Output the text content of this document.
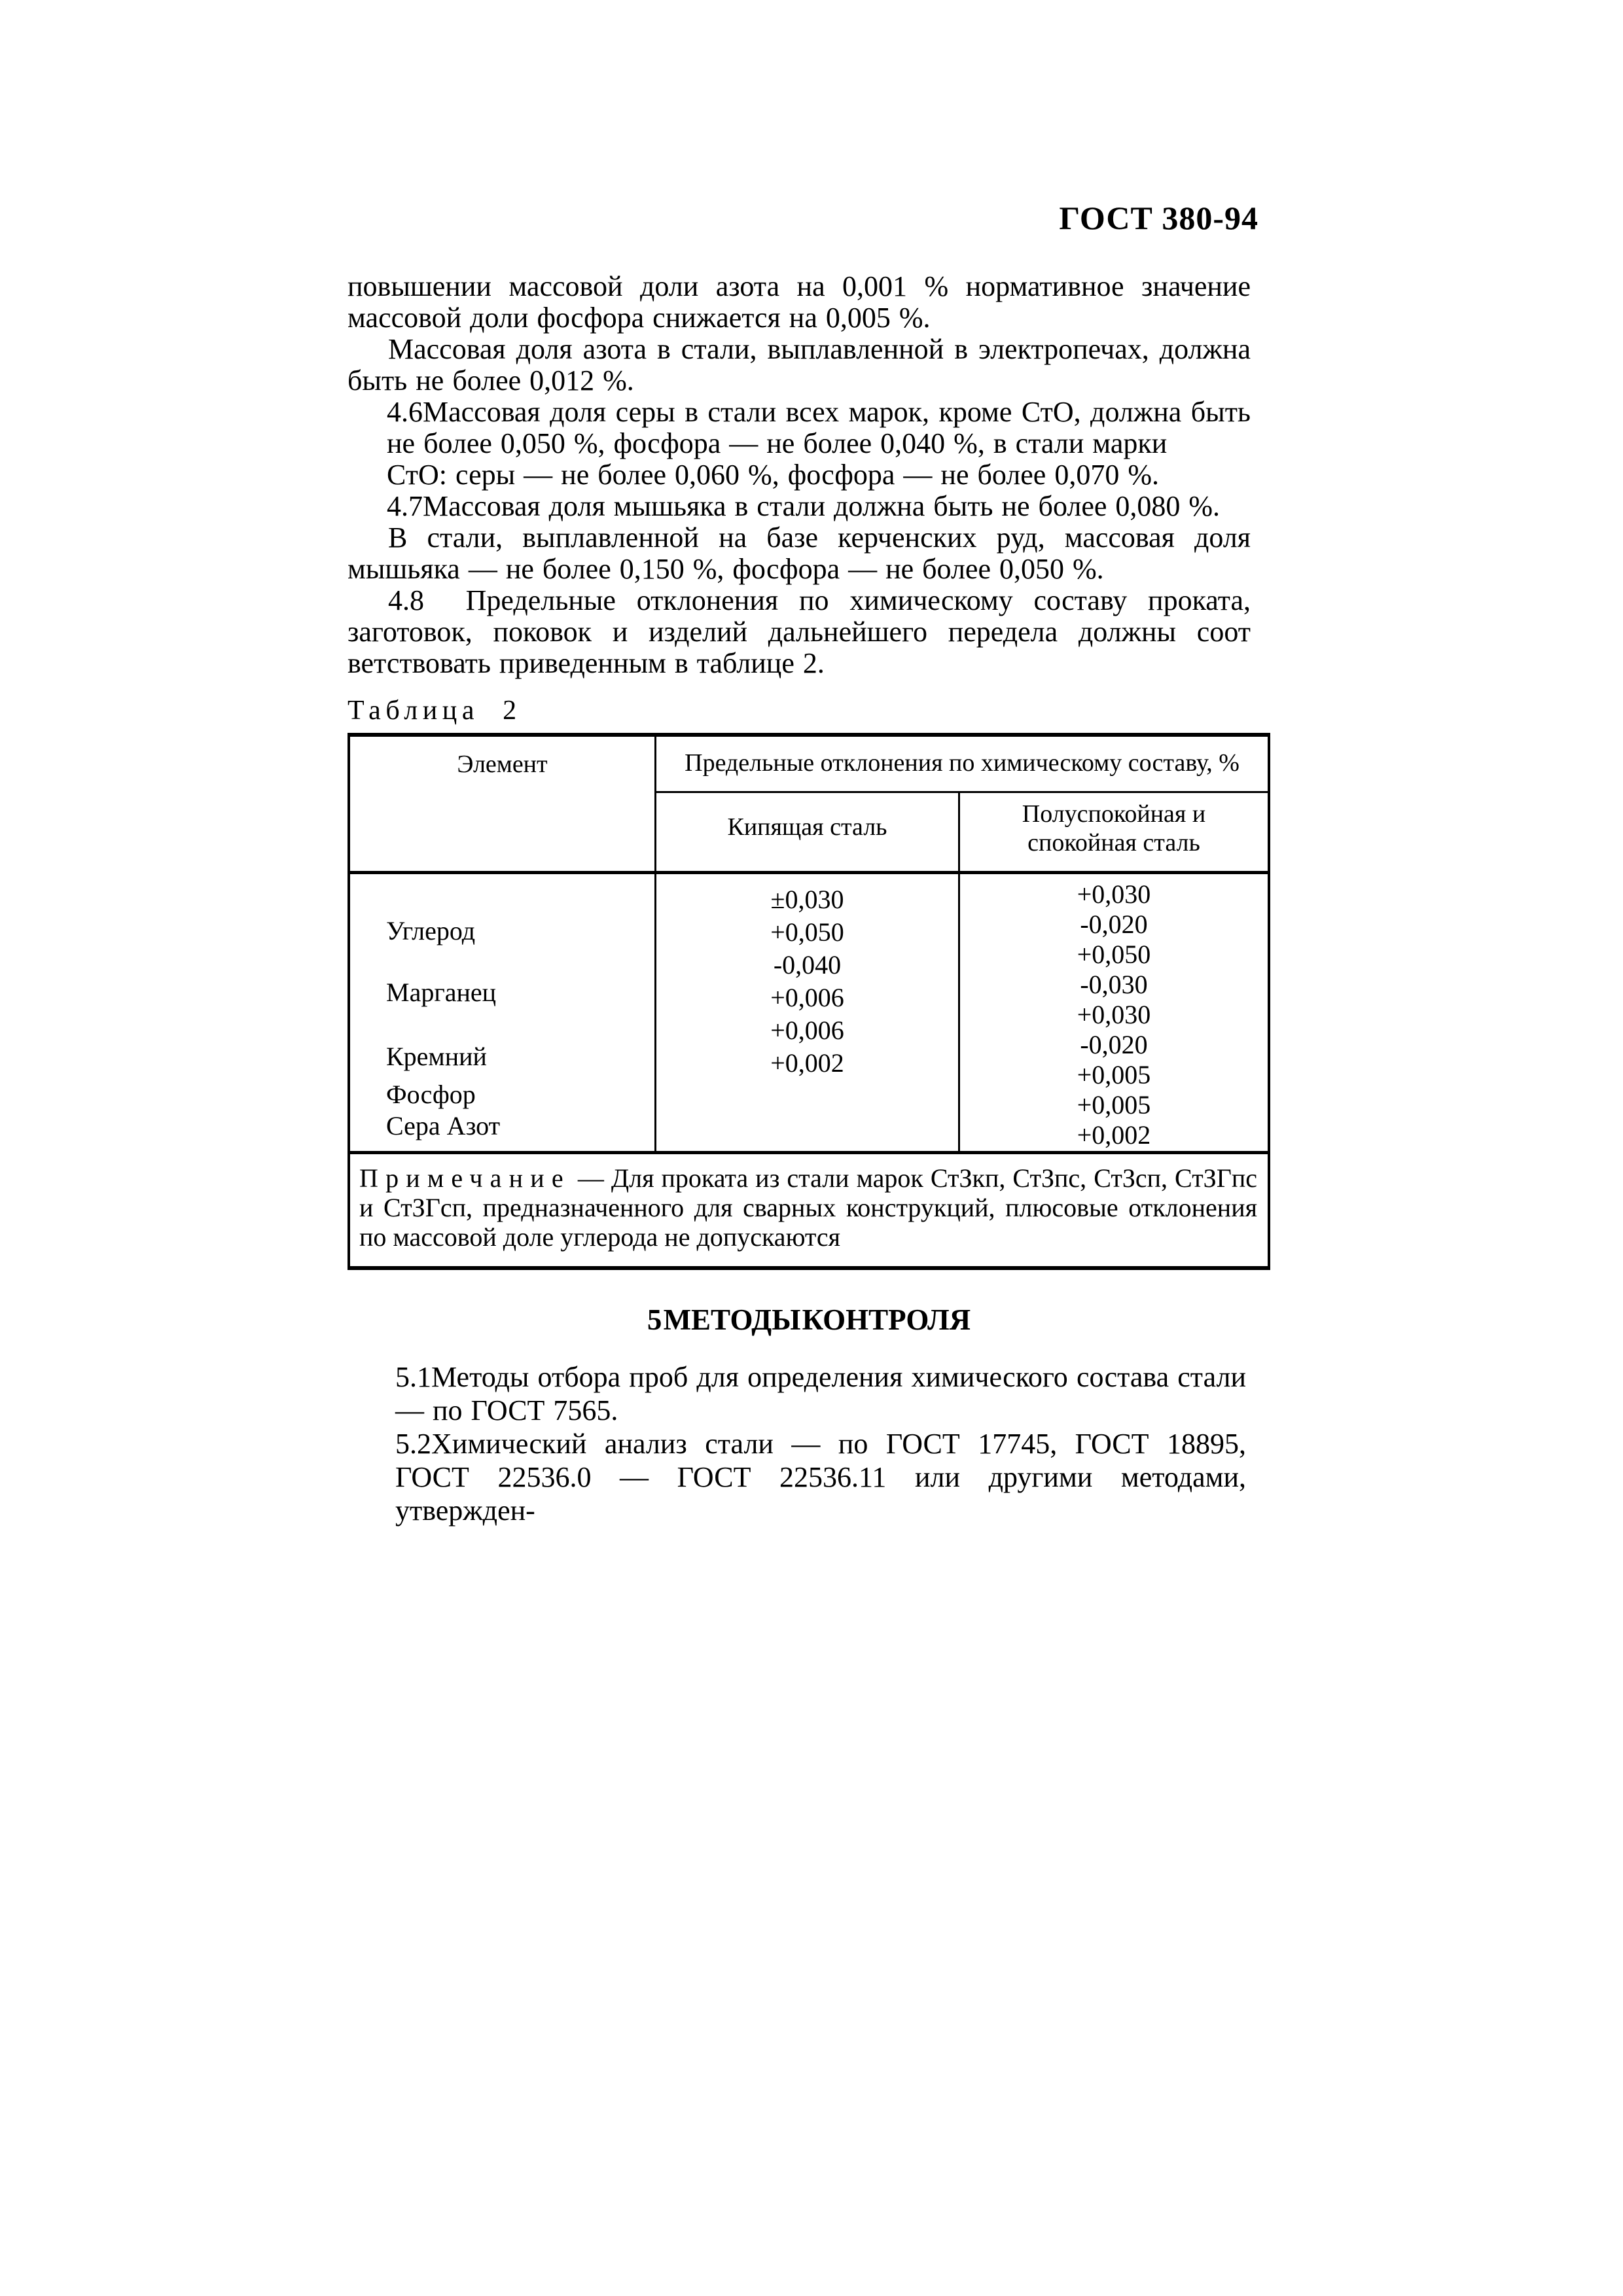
ГОСТ 380-94

повышении массовой доли азота на 0,001 % нормативное значение массовой доли фосфора снижается на 0,005 %.

Массовая доля азота в стали, выплавленной в электропечах, должна быть не более 0,012 %.

4.6Массовая доля серы в стали всех марок, кроме СтО, должна быть не более 0,050 %, фосфора — не более 0,040 %, в стали марки

СтО: серы — не более 0,060 %, фосфора — не более 0,070 %.

4.7Массовая доля мышьяка в стали должна быть не более 0,080 %.

В стали, выплавленной на базе керченских руд, массовая доля мышьяка — не более 0,150 %, фосфора — не более 0,050 %.

4.8  Предельные отклонения по химическому составу проката, заготовок, поковок и изделий дальнейшего передела должны соот ветствовать приведенным в таблице 2.

Таблица  2
Элемент	Предельные отклонения по химическому составу, %
Кипящая сталь	Полуспокойная и
спокойная сталь
Углерод
Марганец
Кремний
Фосфор
Сера Азот
±0,030
+0,050
-0,040
+0,006
+0,006
+0,002
+0,030
-0,020
+0,050
-0,030
+0,030
-0,020
+0,005
+0,005
+0,002
Примечание — Для проката из стали марок СтЗкп, СтЗпс, СтЗсп, СтЗГпс и СтЗГсп, предназначенного для сварных конструкций, плюсовые отклонения по массовой доле углерода не допускаются
5 МЕТОДЫ КОНТРОЛЯ

5.1Методы отбора проб для определения химического состава стали — по ГОСТ 7565.

5.2Химический анализ стали — по ГОСТ 17745, ГОСТ 18895, ГОСТ 22536.0 — ГОСТ 22536.11 или другими методами, утвержден-
